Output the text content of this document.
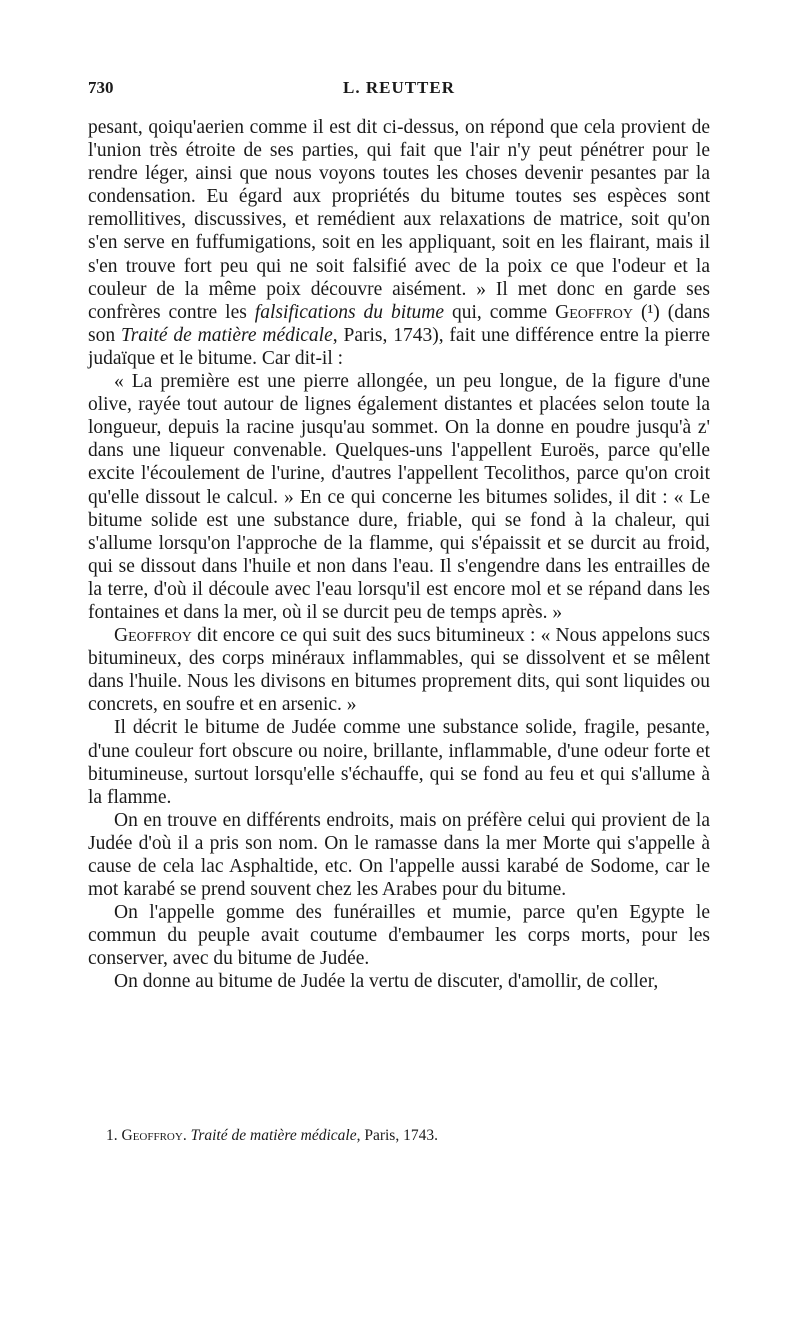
730	L. REUTTER

pesant, qoiqu'aerien comme il est dit ci-dessus, on répond que cela provient de l'union très étroite de ses parties, qui fait que l'air n'y peut pénétrer pour le rendre léger, ainsi que nous voyons toutes les choses devenir pesantes par la condensation. Eu égard aux propriétés du bitume toutes ses espèces sont remollitives, discussives, et remédient aux relaxations de matrice, soit qu'on s'en serve en fuffumigations, soit en les appliquant, soit en les flairant, mais il s'en trouve fort peu qui ne soit falsifié avec de la poix ce que l'odeur et la couleur de la même poix découvre aisément. » Il met donc en garde ses confrères contre les falsifications du bitume qui, comme Geoffroy (¹) (dans son Traité de matière médicale, Paris, 1743), fait une différence entre la pierre judaïque et le bitume. Car dit-il :

« La première est une pierre allongée, un peu longue, de la figure d'une olive, rayée tout autour de lignes également distantes et placées selon toute la longueur, depuis la racine jusqu'au sommet. On la donne en poudre jusqu'à z' dans une liqueur convenable. Quelques-uns l'appellent Euroës, parce qu'elle excite l'écoulement de l'urine, d'autres l'appellent Tecolithos, parce qu'on croit qu'elle dissout le calcul. » En ce qui concerne les bitumes solides, il dit : « Le bitume solide est une substance dure, friable, qui se fond à la chaleur, qui s'allume lorsqu'on l'approche de la flamme, qui s'épaissit et se durcit au froid, qui se dissout dans l'huile et non dans l'eau. Il s'engendre dans les entrailles de la terre, d'où il découle avec l'eau lorsqu'il est encore mol et se répand dans les fontaines et dans la mer, où il se durcit peu de temps après. »

Geoffroy dit encore ce qui suit des sucs bitumineux : « Nous appelons sucs bitumineux, des corps minéraux inflammables, qui se dissolvent et se mêlent dans l'huile. Nous les divisons en bitumes proprement dits, qui sont liquides ou concrets, en soufre et en arsenic. »

Il décrit le bitume de Judée comme une substance solide, fragile, pesante, d'une couleur fort obscure ou noire, brillante, inflammable, d'une odeur forte et bitumineuse, surtout lorsqu'elle s'échauffe, qui se fond au feu et qui s'allume à la flamme.

On en trouve en différents endroits, mais on préfère celui qui provient de la Judée d'où il a pris son nom. On le ramasse dans la mer Morte qui s'appelle à cause de cela lac Asphaltide, etc. On l'appelle aussi karabé de Sodome, car le mot karabé se prend souvent chez les Arabes pour du bitume.

On l'appelle gomme des funérailles et mumie, parce qu'en Egypte le commun du peuple avait coutume d'embaumer les corps morts, pour les conserver, avec du bitume de Judée.

On donne au bitume de Judée la vertu de discuter, d'amollir, de coller,

1. Geoffroy. Traité de matière médicale, Paris, 1743.
